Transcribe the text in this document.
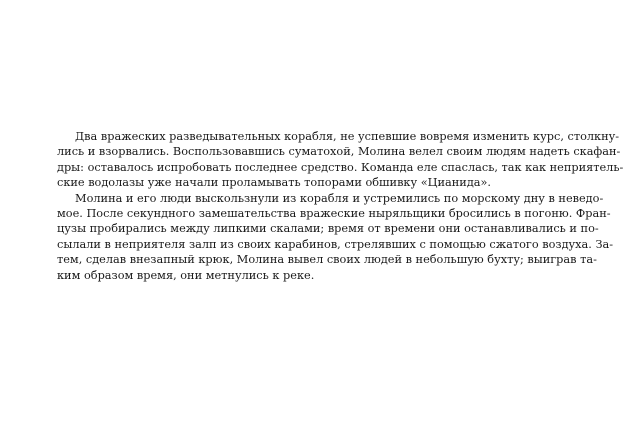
Два вражеских разведывательных корабля, не успевшие вовремя изменить курс, столкну-
лись и взорвались. Воспользовавшись суматохой, Молина велел своим людям надеть скафан-
дры: оставалось испробовать последнее средство. Команда еле спаслась, так как неприятель-
ские водолазы уже начали проламывать топорами обшивку «Цианида».
Молина и его люди выскользнули из корабля и устремились по морскому дну в неведо-
мое. После секундного замешательства вражеские ныряльщики бросились в погоню. Фран-
цузы пробирались между липкими скалами; время от времени они останавливались и по-
сылали в неприятеля залп из своих карабинов, стрелявших с помощью сжатого воздуха. За-
тем, сделав внезапный крюк, Молина вывел своих людей в небольшую бухту; выиграв та-
ким образом время, они метнулись к реке.
